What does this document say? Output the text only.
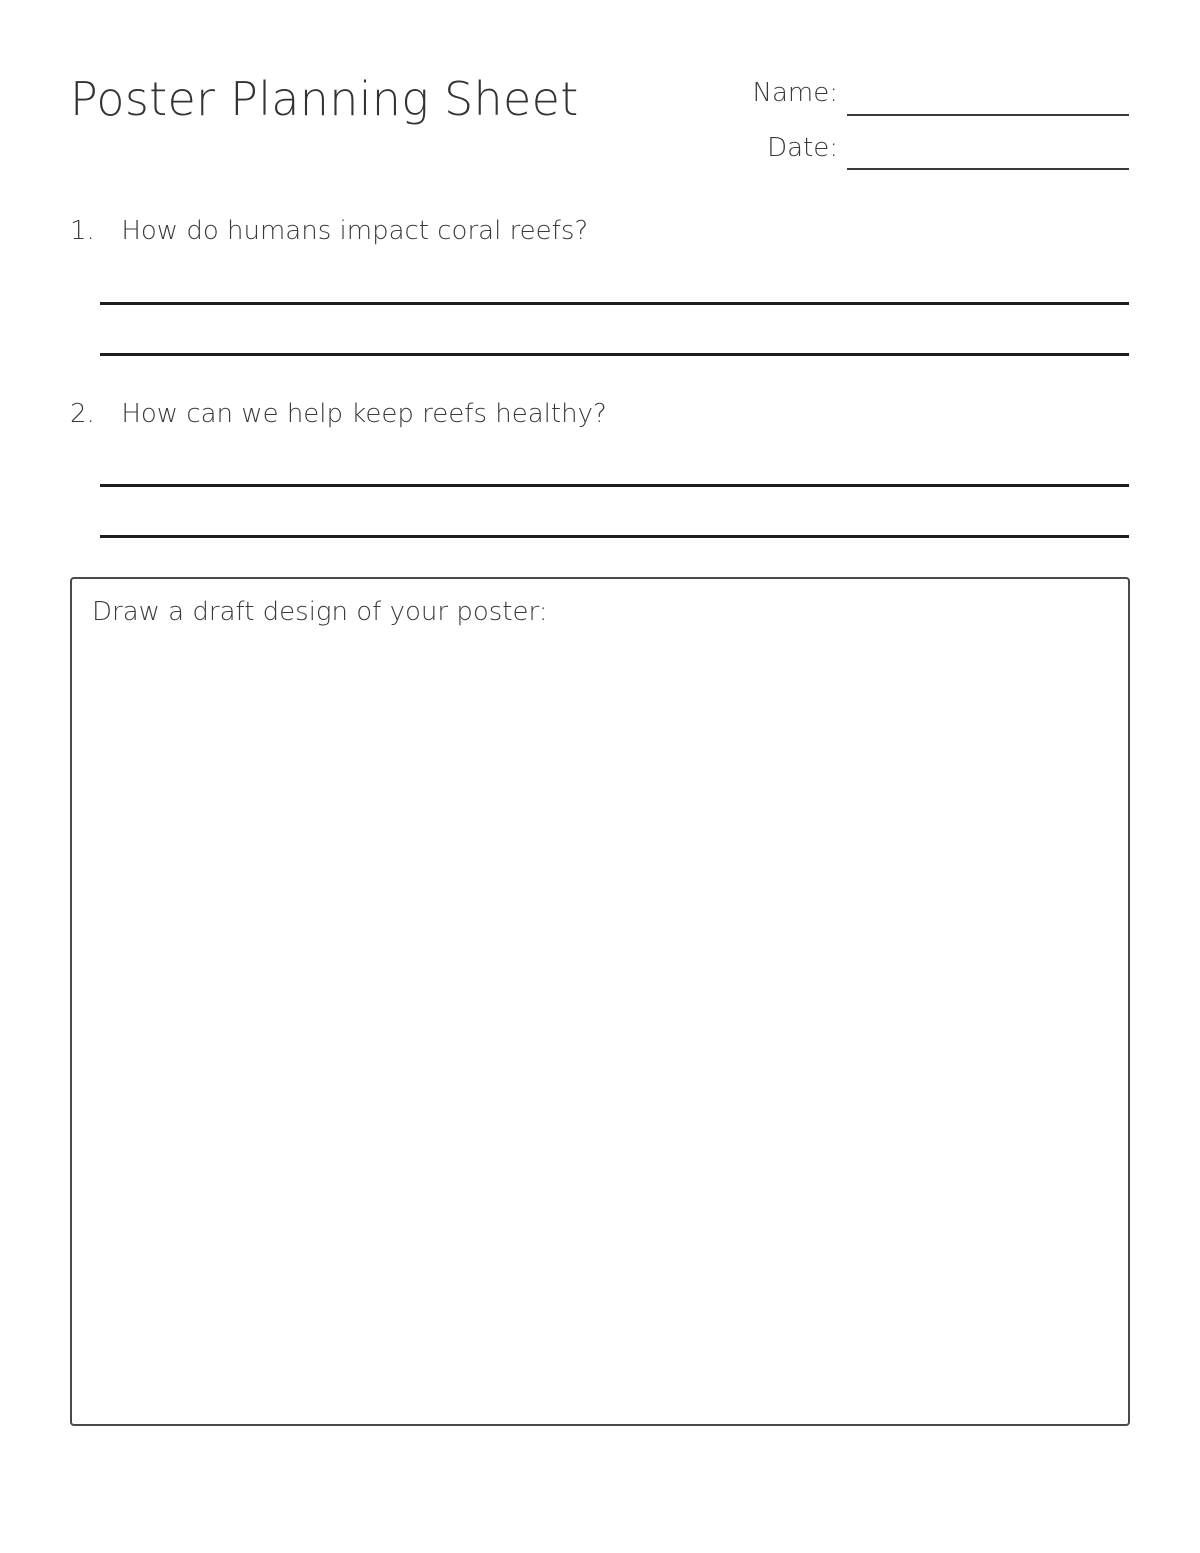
Poster Planning Sheet	Name:
Date:
1. How do humans impact coral reefs?
2. How can we help keep reefs healthy?
Draw a draft design of your poster:
